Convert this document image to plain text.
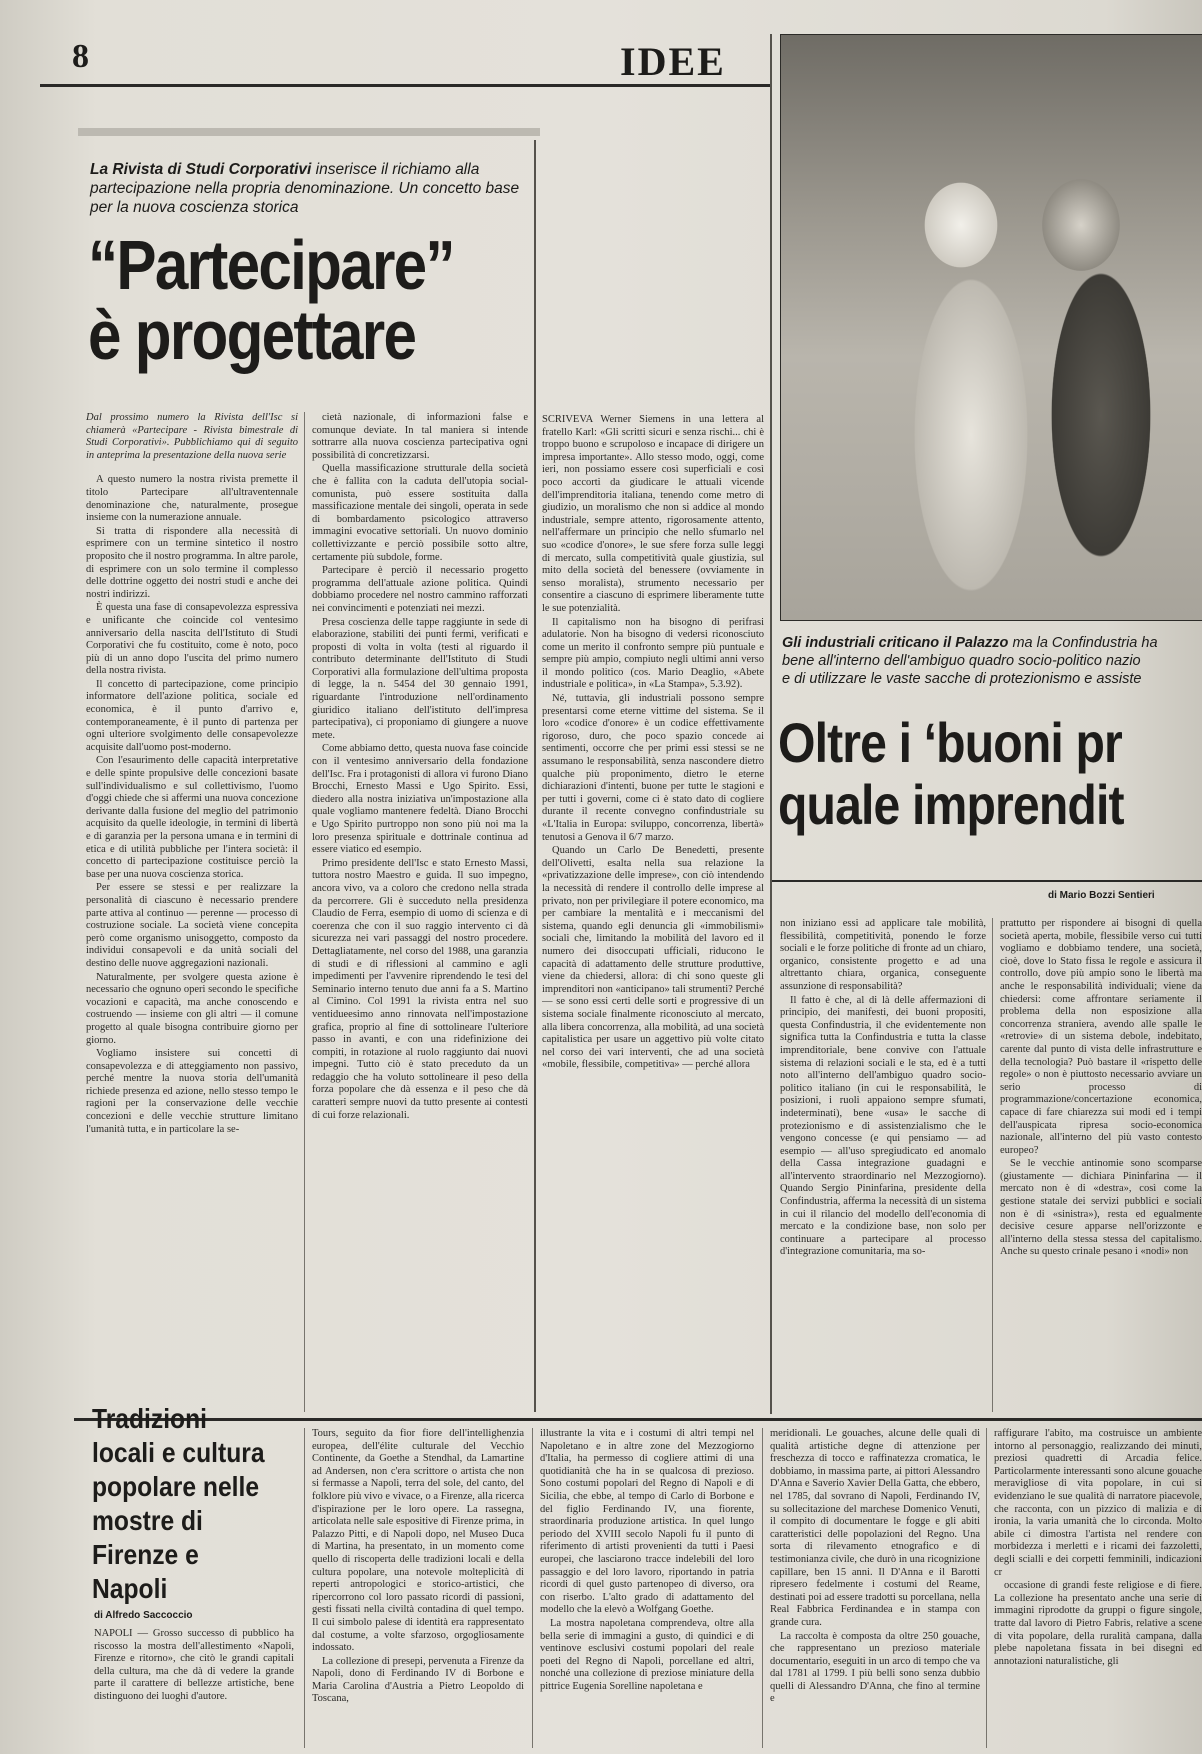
8	IDEE
La Rivista di Studi Corporativi inserisce il richiamo alla partecipazione nella propria denominazione. Un concetto base per la nuova coscienza storica
“Partecipare”
è progettare
Dal prossimo numero la Rivista dell'Isc si chiamerà «Partecipare - Rivista bimestrale di Studi Corporativi». Pubblichiamo qui di seguito in anteprima la presentazione della nuova serie

A questo numero la nostra rivista premette il titolo Partecipare all'ultraventennale denominazione che, naturalmente, prosegue insieme con la numerazione annuale.

Si tratta di rispondere alla necessità di esprimere con un termine sintetico il nostro proposito che il nostro programma. In altre parole, di esprimere con un solo termine il complesso delle dottrine oggetto dei nostri studi e anche dei nostri indirizzi.

È questa una fase di consapevolezza espressiva e unificante che coincide col ventesimo anniversario della nascita dell'Istituto di Studi Corporativi che fu costituito, come è noto, poco più di un anno dopo l'uscita del primo numero della nostra rivista.

Il concetto di partecipazione, come principio informatore dell'azione politica, sociale ed economica, è il punto d'arrivo e, contemporaneamente, è il punto di partenza per ogni ulteriore svolgimento delle consapevolezze acquisite dall'uomo post-moderno.

Con l'esaurimento delle capacità interpretative e delle spinte propulsive delle concezioni basate sull'individualismo e sul collettivismo, l'uomo d'oggi chiede che si affermi una nuova concezione derivante dalla fusione del meglio del patrimonio acquisito da quelle ideologie, in termini di libertà e di garanzia per la persona umana e in termini di etica e di utilità pubbliche per l'intera società: il concetto di partecipazione costituisce perciò la base per una nuova coscienza storica.

Per essere se stessi e per realizzare la personalità di ciascuno è necessario prendere parte attiva al continuo — perenne — processo di costruzione sociale. La società viene concepita però come organismo unisoggetto, composto da individui consapevoli e da unità sociali del destino delle nuove aggregazioni nazionali.

Naturalmente, per svolgere questa azione è necessario che ognuno operi secondo le specifiche vocazioni e capacità, ma anche conoscendo e costruendo — insieme con gli altri — il comune progetto al quale bisogna contribuire giorno per giorno.

Vogliamo insistere sui concetti di consapevolezza e di atteggiamento non passivo, perché mentre la nuova storia dell'umanità richiede presenza ed azione, nello stesso tempo le ragioni per la conservazione delle vecchie concezioni e delle vecchie strutture limitano l'umanità tutta, e in particolare la se-

cietà nazionale, di informazioni false e comunque deviate. In tal maniera si intende sottrarre alla nuova coscienza partecipativa ogni possibilità di concretizzarsi.

Quella massificazione strutturale della società che è fallita con la caduta dell'utopia social-comunista, può essere sostituita dalla massificazione mentale dei singoli, operata in sede di bombardamento psicologico attraverso immagini evocative settoriali. Un nuovo dominio collettivizzante e perciò possibile sotto altre, certamente più subdole, forme.

Partecipare è perciò il necessario progetto programma dell'attuale azione politica. Quindi dobbiamo procedere nel nostro cammino rafforzati nei convincimenti e potenziati nei mezzi.

Presa coscienza delle tappe raggiunte in sede di elaborazione, stabiliti dei punti fermi, verificati e proposti di volta in volta (testi al riguardo il contributo determinante dell'Istituto di Studi Corporativi alla formulazione dell'ultima proposta di legge, la n. 5454 del 30 gennaio 1991, riguardante l'introduzione nell'ordinamento giuridico italiano dell'istituto dell'impresa partecipativa), ci proponiamo di giungere a nuove mete.

Come abbiamo detto, questa nuova fase coincide con il ventesimo anniversario della fondazione dell'Isc. Fra i protagonisti di allora vi furono Diano Brocchi, Ernesto Massi e Ugo Spirito. Essi, diedero alla nostra iniziativa un'impostazione alla quale vogliamo mantenere fedeltà. Diano Brocchi e Ugo Spirito purtroppo non sono più noi ma la loro presenza spirituale e dottrinale continua ad essere viatico ed esempio.

Primo presidente dell'Isc e stato Ernesto Massi, tuttora nostro Maestro e guida. Il suo impegno, ancora vivo, va a coloro che credono nella strada da percorrere. Gli è succeduto nella presidenza Claudio de Ferra, esempio di uomo di scienza e di coerenza che con il suo raggio intervento ci dà sicurezza nei vari passaggi del nostro procedere. Dettagliatamente, nel corso del 1988, una garanzia di studi e di riflessioni al cammino e agli impedimenti per l'avvenire riprendendo le tesi del Seminario interno tenuto due anni fa a S. Martino al Cimino. Col 1991 la rivista entra nel suo ventidueesimo anno rinnovata nell'impostazione grafica, proprio al fine di sottolineare l'ulteriore passo in avanti, e con una ridefinizione dei compiti, in rotazione al ruolo raggiunto dai nuovi impegni. Tutto ciò è stato preceduto da un redaggio che ha voluto sottolineare il peso della forza popolare che dà essenza e il peso che dà caratteri sempre nuovi da tutto presente ai contesti di cui forze relazionali.

SCRIVEVA Werner Siemens in una lettera al fratello Karl: «Gli scritti sicuri e senza rischi... chi è troppo buono e scrupoloso e incapace di dirigere un impresa importante». Allo stesso modo, oggi, come ieri, non possiamo essere così superficiali e così poco accorti da giudicare le attuali vicende dell'imprenditoria italiana, tenendo come metro di giudizio, un moralismo che non si addice al mondo industriale, sempre attento, rigorosamente attento, nell'affermare un principio che nello sfumarlo nel suo «codice d'onore», le sue sfere forza sulle leggi di mercato, sulla competitività quale giustizia, sul mito della società del benessere (ovviamente in senso moralista), strumento necessario per consentire a ciascuno di esprimere liberamente tutte le sue potenzialità.

Il capitalismo non ha bisogno di perifrasi adulatorie. Non ha bisogno di vedersi riconosciuto come un merito il confronto sempre più puntuale e sempre più ampio, compiuto negli ultimi anni verso il mondo politico (cos. Mario Deaglio, «Abete industriale e politica», in «La Stampa», 5.3.92).

Né, tuttavia, gli industriali possono sempre presentarsi come eterne vittime del sistema. Se il loro «codice d'onore» è un codice effettivamente rigoroso, duro, che poco spazio concede ai sentimenti, occorre che per primi essi stessi se ne assumano le responsabilità, senza nascondere dietro qualche più proponimento, dietro le eterne dichiarazioni d'intenti, buone per tutte le stagioni e per tutti i governi, come ci è stato dato di cogliere durante il recente convegno confindustriale su «L'Italia in Europa: sviluppo, concorrenza, libertà» tenutosi a Genova il 6/7 marzo.

Quando un Carlo De Benedetti, presente dell'Olivetti, esalta nella sua relazione la «privatizzazione delle imprese», con ciò intendendo la necessità di rendere il controllo delle imprese al privato, non per privilegiare il potere economico, ma per cambiare la mentalità e i meccanismi del sistema, quando egli denuncia gli «immobilismi» sociali che, limitando la mobilità del lavoro ed il numero dei disoccupati ufficiali, riducono le capacità di adattamento delle strutture produttive, viene da chiedersi, allora: di chi sono queste gli imprenditori non «anticipano» tali strumenti? Perché — se sono essi certi delle sorti e progressive di un sistema sociale finalmente riconosciuto al mercato, alla libera concorrenza, alla mobilità, ad una società capitalistica per usare un aggettivo più volte citato nel corso dei vari interventi, che ad una società «mobile, flessibile, competitiva» — perché allora

Gli industriali criticano il Palazzo ma la Confindustria ha
bene all'interno dell'ambiguo quadro socio-politico nazio
e di utilizzare le vaste sacche di protezionismo e assiste
Oltre i ‘buoni pr
quale imprendit
di Mario Bozzi Sentieri

non iniziano essi ad applicare tale mobilità, flessibilità, competitività, ponendo le forze sociali e le forze politiche di fronte ad un chiaro, organico, consistente progetto e ad una altrettanto chiara, organica, conseguente assunzione di responsabilità?

Il fatto è che, al di là delle affermazioni di principio, dei manifesti, dei buoni propositi, questa Confindustria, il che evidentemente non significa tutta la Confindustria e tutta la classe imprenditoriale, bene convive con l'attuale sistema di relazioni sociali e le sta, ed è a tutti noto all'interno dell'ambiguo quadro socio-politico italiano (in cui le responsabilità, le posizioni, i ruoli appaiono sempre sfumati, indeterminati), bene «usa» le sacche di protezionismo e di assistenzialismo che le vengono concesse (e qui pensiamo — ad esempio — all'uso spregiudicato ed anomalo della Cassa integrazione guadagni e all'intervento straordinario nel Mezzogiorno). Quando Sergio Pininfarina, presidente della Confindustria, afferma la necessità di un sistema in cui il rilancio del modello dell'economia di mercato e la condizione base, non solo per continuare a partecipare al processo d'integrazione comunitaria, ma so-

prattutto per rispondere ai bisogni di quella società aperta, mobile, flessibile verso cui tutti vogliamo e dobbiamo tendere, una società, cioè, dove lo Stato fissa le regole e assicura il controllo, dove più ampio sono le libertà ma anche le responsabilità individuali; viene da chiedersi: come affrontare seriamente il problema della non esposizione alla concorrenza straniera, avendo alle spalle le «retrovie» di un sistema debole, indebitato, carente dal punto di vista delle infrastrutture e della tecnologia? Può bastare il «rispetto delle regole» o non è piuttosto necessario avviare un serio processo di programmazione/concertazione economica, capace di fare chiarezza sui modi ed i tempi dell'auspicata ripresa socio-economica nazionale, all'interno del più vasto contesto europeo?

Se le vecchie antinomie sono scomparse (giustamente — dichiara Pininfarina — il mercato non è di «destra», così come la gestione statale dei servizi pubblici e sociali non è di «sinistra»), resta ed egualmente decisive cesure apparse nell'orizzonte e all'interno della stessa stessa del capitalismo. Anche su questo crinale pesano i «nodi» non

Tradizioni locali e cultura popolare nelle mostre di Firenze e Napoli
di Alfredo Saccoccio

NAPOLI — Grosso successo di pubblico ha riscosso la mostra dell'allestimento «Napoli, Firenze e ritorno», che citò le grandi capitali della cultura, ma che dà di vedere la grande parte il carattere di bellezze artistiche, bene distinguono dei luoghi d'autore.

Tours, seguito da fior fiore dell'intellighenzia europea, dell'élite culturale del Vecchio Continente, da Goethe a Stendhal, da Lamartine ad Andersen, non c'era scrittore o artista che non si fermasse a Napoli, terra del sole, del canto, del folklore più vivo e vivace, o a Firenze, alla ricerca d'ispirazione per le loro opere. La rassegna, articolata nelle sale espositive di Firenze prima, in Palazzo Pitti, e di Napoli dopo, nel Museo Duca di Martina, ha presentato, in un momento come quello di riscoperta delle tradizioni locali e della cultura popolare, una notevole molteplicità di reperti antropologici e storico-artistici, che ripercorrono col loro passato ricordi di passioni, gesti fissati nella civiltà contadina di quel tempo. Il cui simbolo palese di identità era rappresentato dal costume, a volte sfarzoso, orgogliosamente indossato.

La collezione di presepi, pervenuta a Firenze da Napoli, dono di Ferdinando IV di Borbone e Maria Carolina d'Austria a Pietro Leopoldo di Toscana,

illustrante la vita e i costumi di altri tempi nel Napoletano e in altre zone del Mezzogiorno d'Italia, ha permesso di cogliere attimi di una quotidianità che ha in se qualcosa di prezioso. Sono costumi popolari del Regno di Napoli e di Sicilia, che ebbe, al tempo di Carlo di Borbone e del figlio Ferdinando IV, una fiorente, straordinaria produzione artistica. In quel lungo periodo del XVIII secolo Napoli fu il punto di riferimento di artisti provenienti da tutti i Paesi europei, che lasciarono tracce indelebili del loro passaggio e del loro lavoro, riportando in patria ricordi di quel gusto partenopeo di diverso, ora con riserbo. L'alto grado di adattamento del modello che la elevò a Wolfgang Goethe.

La mostra napoletana comprendeva, oltre alla bella serie di immagini a gusto, di quindici e di ventinove esclusivi costumi popolari del reale poeti del Regno di Napoli, porcellane ed altri, nonché una collezione di preziose miniature della pittrice Eugenia Sorelline napoletana e

meridionali. Le gouaches, alcune delle quali di qualità artistiche degne di attenzione per freschezza di tocco e raffinatezza cromatica, le dobbiamo, in massima parte, ai pittori Alessandro D'Anna e Saverio Xavier Della Gatta, che ebbero, nel 1785, dal sovrano di Napoli, Ferdinando IV, su sollecitazione del marchese Domenico Venuti, il compito di documentare le fogge e gli abiti caratteristici delle popolazioni del Regno. Una sorta di rilevamento etnografico e di testimonianza civile, che durò in una ricognizione capillare, ben 15 anni. Il D'Anna e il Barotti ripresero fedelmente i costumi del Reame, destinati poi ad essere tradotti su porcellana, nella Real Fabbrica Ferdinandea e in stampa con grande cura.

La raccolta è composta da oltre 250 gouache, che rappresentano un prezioso materiale documentario, eseguiti in un arco di tempo che va dal 1781 al 1799. I più belli sono senza dubbio quelli di Alessandro D'Anna, che fino al termine e

raffigurare l'abito, ma costruisce un ambiente intorno al personaggio, realizzando dei minuti, preziosi quadretti di Arcadia felice. Particolarmente interessanti sono alcune gouache meravigliose di vita popolare, in cui si evidenziano le sue qualità di narratore piacevole, che racconta, con un pizzico di malizia e di ironia, la varia umanità che lo circonda. Molto abile ci dimostra l'artista nel rendere con morbidezza i merletti e i ricami dei fazzoletti, degli scialli e dei corpetti femminili, indicazioni cr

occasione di grandi feste religiose e di fiere. La collezione ha presentato anche una serie di immagini riprodotte da gruppi o figure singole, tratte dal lavoro di Pietro Fabris, relative a scene di vita popolare, della ruralità campana, dalla plebe napoletana fissata in bei disegni ed annotazioni naturalistiche, gli
